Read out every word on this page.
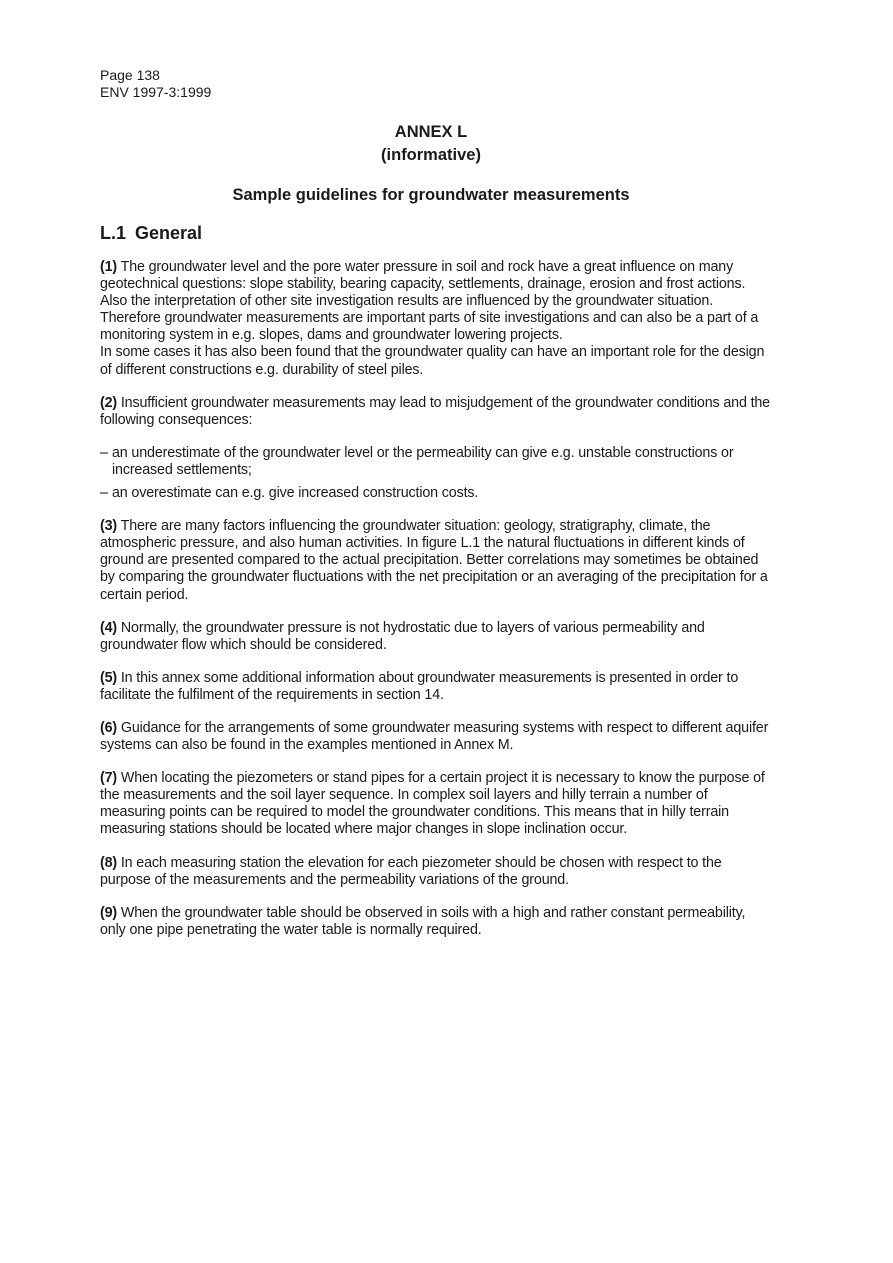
Page 138
ENV 1997-3:1999
ANNEX L
(informative)
Sample guidelines for groundwater measurements
L.1 General

(1) The groundwater level and the pore water pressure in soil and rock have a great influence on many geotechnical questions: slope stability, bearing capacity, settlements, drainage, erosion and frost actions. Also the interpretation of other site investigation results are influenced by the groundwater situation. Therefore groundwater measurements are important parts of site investigations and can also be a part of a monitoring system in e.g. slopes, dams and groundwater lowering projects.
In some cases it has also been found that the groundwater quality can have an important role for the design of different constructions e.g. durability of steel piles.

(2) Insufficient groundwater measurements may lead to misjudgement of the groundwater conditions and the following consequences:

– an underestimate of the groundwater level or the permeability can give e.g. unstable constructions or increased settlements;
– an overestimate can e.g. give increased construction costs.

(3) There are many factors influencing the groundwater situation: geology, stratigraphy, climate, the atmospheric pressure, and also human activities. In figure L.1 the natural fluctuations in different kinds of ground are presented compared to the actual precipitation. Better correlations may sometimes be obtained by comparing the groundwater fluctuations with the net precipitation or an averaging of the precipitation for a certain period.

(4) Normally, the groundwater pressure is not hydrostatic due to layers of various permeability and groundwater flow which should be considered.

(5) In this annex some additional information about groundwater measurements is presented in order to facilitate the fulfilment of the requirements in section 14.

(6) Guidance for the arrangements of some groundwater measuring systems with respect to different aquifer systems can also be found in the examples mentioned in Annex M.

(7) When locating the piezometers or stand pipes for a certain project it is necessary to know the purpose of the measurements and the soil layer sequence. In complex soil layers and hilly terrain a number of measuring points can be required to model the groundwater conditions. This means that in hilly terrain measuring stations should be located where major changes in slope inclination occur.

(8) In each measuring station the elevation for each piezometer should be chosen with respect to the purpose of the measurements and the permeability variations of the ground.

(9) When the groundwater table should be observed in soils with a high and rather constant permeability, only one pipe penetrating the water table is normally required.
